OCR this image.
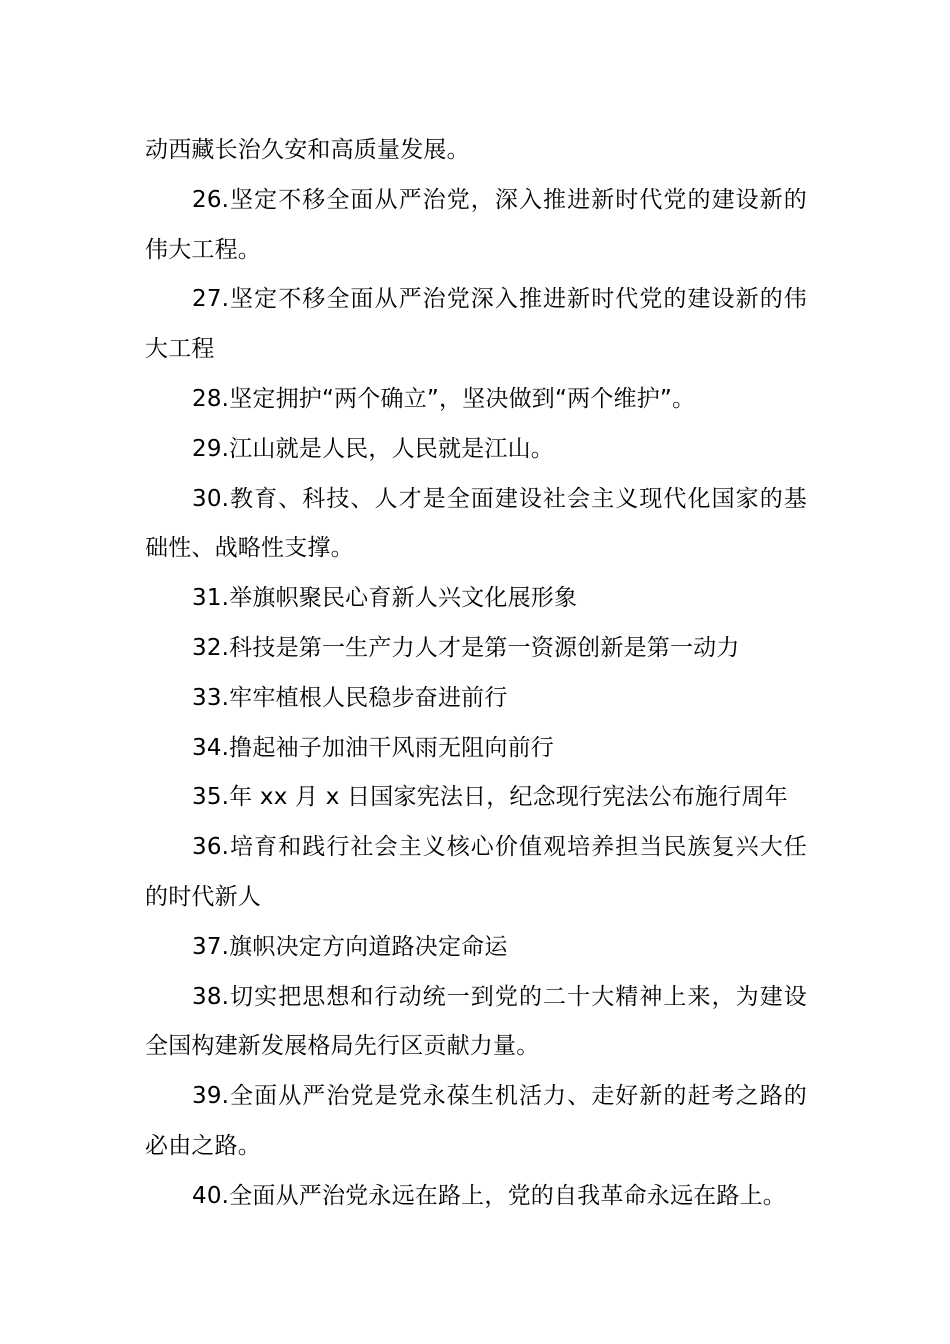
动西藏长治久安和高质量发展。

26.坚定不移全面从严治党，深入推进新时代党的建设新的伟大工程。

27.坚定不移全面从严治党深入推进新时代党的建设新的伟大工程

28.坚定拥护“两个确立”，坚决做到“两个维护”。

29.江山就是人民，人民就是江山。

30.教育、科技、人才是全面建设社会主义现代化国家的基础性、战略性支撑。

31.举旗帜聚民心育新人兴文化展形象

32.科技是第一生产力人才是第一资源创新是第一动力

33.牢牢植根人民稳步奋进前行

34.撸起袖子加油干风雨无阻向前行

35.年 xx 月 x 日国家宪法日，纪念现行宪法公布施行周年

36.培育和践行社会主义核心价值观培养担当民族复兴大任的时代新人

37.旗帜决定方向道路决定命运

38.切实把思想和行动统一到党的二十大精神上来，为建设全国构建新发展格局先行区贡献力量。

39.全面从严治党是党永葆生机活力、走好新的赶考之路的必由之路。

40.全面从严治党永远在路上，党的自我革命永远在路上。
